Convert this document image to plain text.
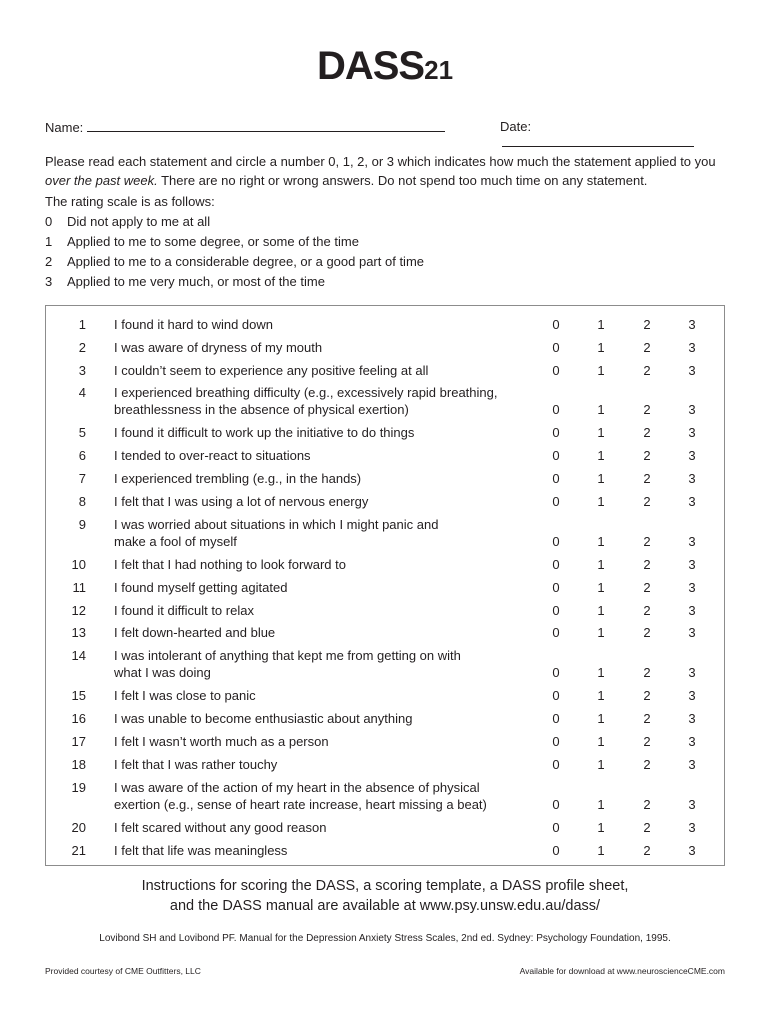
DASS21
Name:	Date:
Please read each statement and circle a number 0, 1, 2, or 3 which indicates how much the statement applied to you
over the past week. There are no right or wrong answers. Do not spend too much time on any statement.
The rating scale is as follows:
0	Did not apply to me at all
1	Applied to me to some degree, or some of the time
2	Applied to me to a considerable degree, or a good part of time
3	Applied to me very much, or most of the time
1 I found it hard to wind down	0	1	2	3
2 I was aware of dryness of my mouth	0	1	2	3
3 I couldn’t seem to experience any positive feeling at all	0	1	2	3
4 I experienced breathing difficulty (e.g., excessively rapid breathing,
breathlessness in the absence of physical exertion)	0	1	2	3
5 I found it difficult to work up the initiative to do things	0	1	2	3
6 I tended to over-react to situations	0	1	2	3
7 I experienced trembling (e.g., in the hands)	0	1	2	3
8 I felt that I was using a lot of nervous energy	0	1	2	3
9 I was worried about situations in which I might panic and
make a fool of myself	0	1	2	3
10 I felt that I had nothing to look forward to	0	1	2	3
11 I found myself getting agitated	0	1	2	3
12 I found it difficult to relax	0	1	2	3
13 I felt down-hearted and blue	0	1	2	3
14 I was intolerant of anything that kept me from getting on with
what I was doing	0	1	2	3
15 I felt I was close to panic	0	1	2	3
16 I was unable to become enthusiastic about anything	0	1	2	3
17 I felt I wasn’t worth much as a person	0	1	2	3
18 I felt that I was rather touchy	0	1	2	3
19 I was aware of the action of my heart in the absence of physical
exertion (e.g., sense of heart rate increase, heart missing a beat)	0	1	2	3
20 I felt scared without any good reason	0	1	2	3
21 I felt that life was meaningless	0	1	2	3
Instructions for scoring the DASS, a scoring template, a DASS profile sheet,
and the DASS manual are available at www.psy.unsw.edu.au/dass/
Lovibond SH and Lovibond PF. Manual for the Depression Anxiety Stress Scales, 2nd ed. Sydney: Psychology Foundation, 1995.
Provided courtesy of CME Outfitters, LLC	Available for download at www.neuroscienceCME.com
